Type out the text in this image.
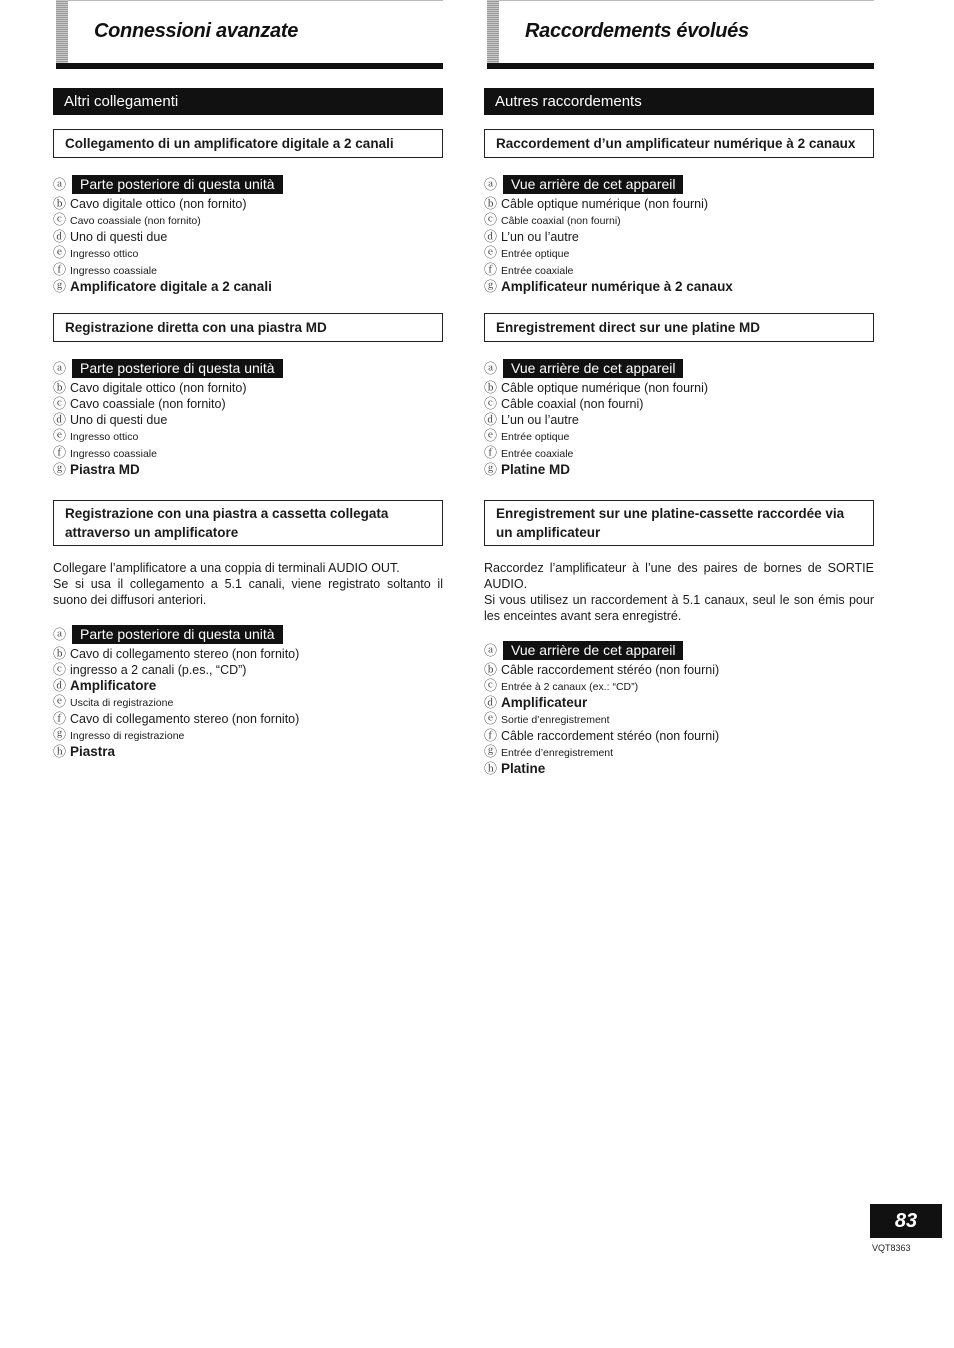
Connessioni avanzate
Altri collegamenti
Collegamento di un amplificatore digitale a 2 canali
ⓐ	Parte posteriore di questa unità
ⓑ Cavo digitale ottico (non fornito)
ⓒ Cavo coassiale (non fornito)
ⓓ Uno di questi due
ⓔ Ingresso ottico
ⓕ Ingresso coassiale
ⓖ Amplificatore digitale a 2 canali
Registrazione diretta con una piastra MD
ⓐ	Parte posteriore di questa unità
ⓑ Cavo digitale ottico (non fornito)
ⓒ Cavo coassiale (non fornito)
ⓓ Uno di questi due
ⓔ Ingresso ottico
ⓕ Ingresso coassiale
ⓖ Piastra MD
Registrazione con una piastra a cassetta collegata attraverso un amplificatore
Collegare l’amplificatore a una coppia di terminali AUDIO OUT.
Se si usa il collegamento a 5.1 canali, viene registrato soltanto il suono dei diffusori anteriori.
ⓐ	Parte posteriore di questa unità
ⓑ Cavo di collegamento stereo (non fornito)
ⓒ ingresso a 2 canali (p.es., “CD”)
ⓓ Amplificatore
ⓔ Uscita di registrazione
ⓕ Cavo di collegamento stereo (non fornito)
ⓖ Ingresso di registrazione
ⓗ Piastra
Raccordements évolués
Autres raccordements
Raccordement d’un amplificateur numérique à 2 canaux
ⓐ	Vue arrière de cet appareil
ⓑ Câble optique numérique (non fourni)
ⓒ Câble coaxial (non fourni)
ⓓ L’un ou l’autre
ⓔ Entrée optique
ⓕ Entrée coaxiale
ⓖ Amplificateur numérique à 2 canaux
Enregistrement direct sur une platine MD
ⓐ	Vue arrière de cet appareil
ⓑ Câble optique numérique (non fourni)
ⓒ Câble coaxial (non fourni)
ⓓ L’un ou l’autre
ⓔ Entrée optique
ⓕ Entrée coaxiale
ⓖ Platine MD
Enregistrement sur une platine-cassette raccordée via un amplificateur
Raccordez l’amplificateur à l’une des paires de bornes de SORTIE AUDIO.
Si vous utilisez un raccordement à 5.1 canaux, seul le son émis pour les enceintes avant sera enregistré.
ⓐ	Vue arrière de cet appareil
ⓑ Câble raccordement stéréo (non fourni)
ⓒ Entrée à 2 canaux (ex.: “CD”)
ⓓ Amplificateur
ⓔ Sortie d’enregistrement
ⓕ Câble raccordement stéréo (non fourni)
ⓖ Entrée d’enregistrement
ⓗ Platine
83
VQT8363
